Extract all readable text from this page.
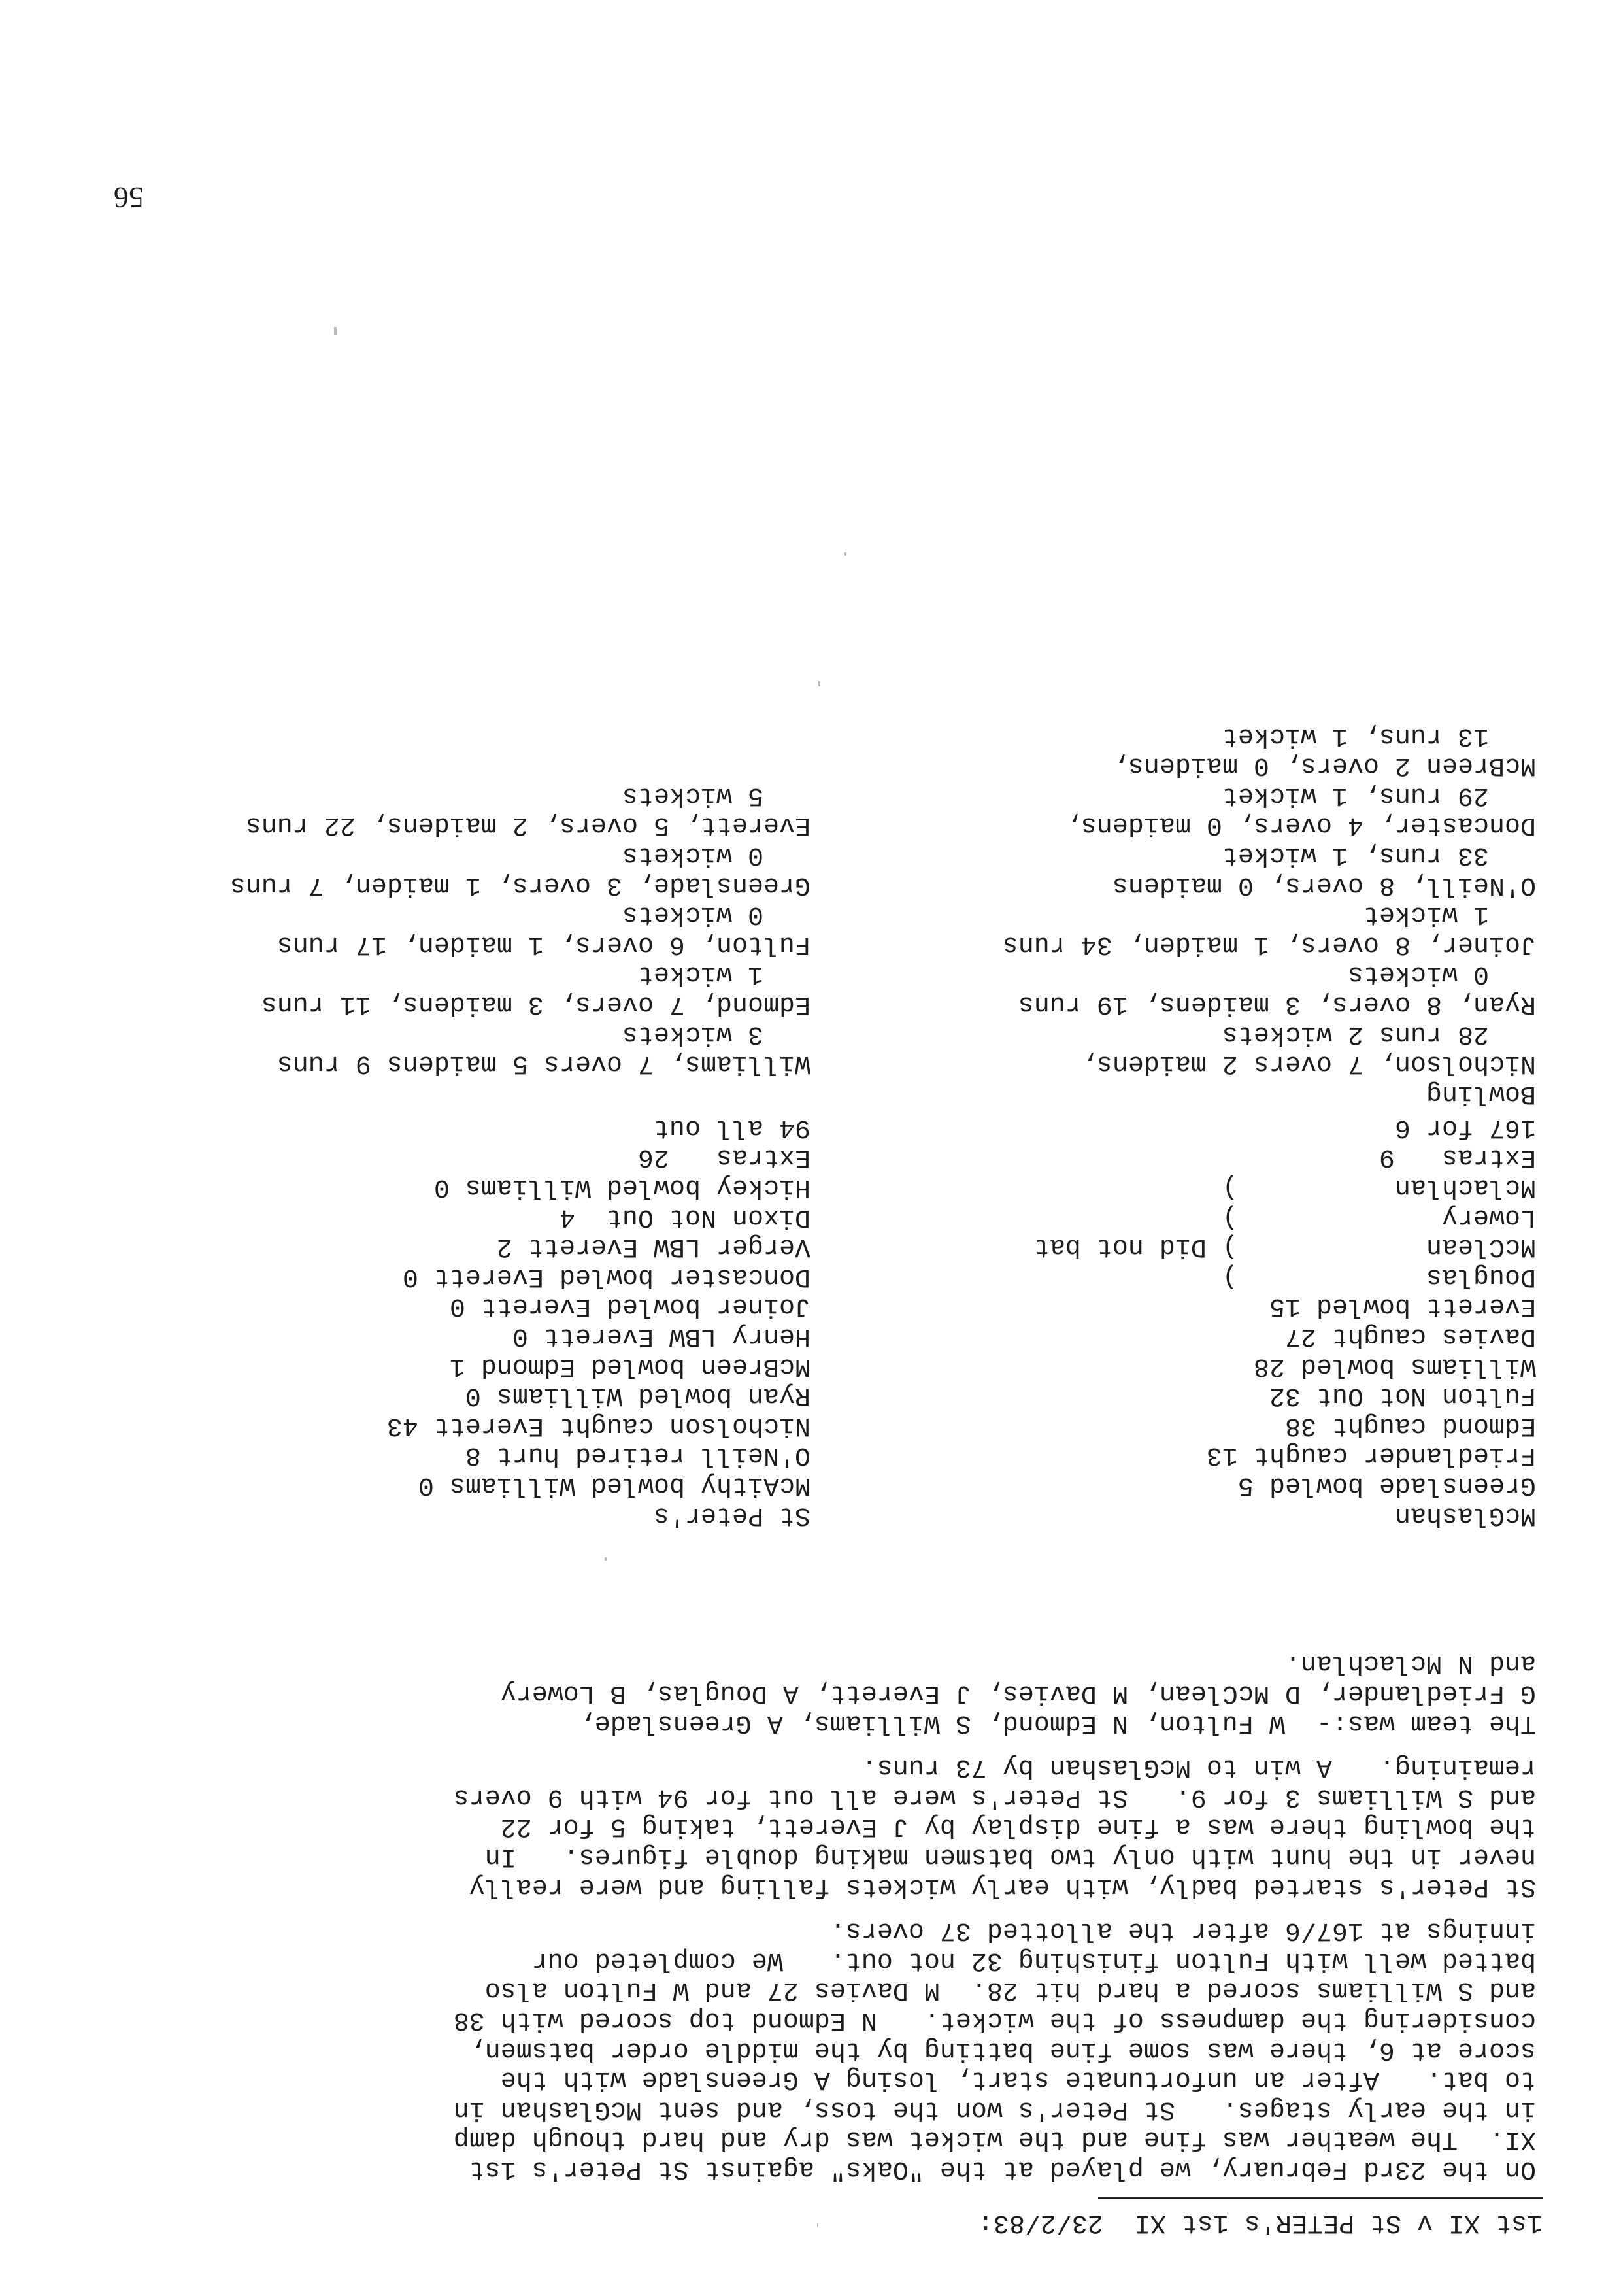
1st XI v St PETER's 1st XI  23/2/83:
On the 23rd February, we played at the "Oaks" against St Peter's 1st
XI.  The weather was fine and the wicket was dry and hard though damp
in the early stages.   St Peter's won the toss, and sent McGlashan in
to bat.   After an unfortunate start, losing A Greenslade with the
score at 6, there was some fine batting by the middle order batsmen,
considering the dampness of the wicket.   N Edmond top scored with 38
and S Williams scored a hard hit 28.  M Davies 27 and W Fulton also
batted well with Fulton finishing 32 not out.   We completed our
innings at 167/6 after the allotted 37 overs.
St Peter's started badly, with early wickets falling and were really
never in the hunt with only two batsmen making double figures.   In
the bowling there was a fine display by J Everett, taking 5 for 22
and S Williams 3 for 9.   St Peter's were all out for 94 with 9 overs
remaining.   A win to McGlashan by 73 runs.
The team was:-  W Fulton, N Edmond, S Williams, A Greenslade,
G Friedlander, D McClean, M Davies, J Everett, A Douglas, B Lowery
and N Mclachlan.
McGlashan
St Peter's
Greenslade bowled 5
McAithy bowled Williams 0
Friedlander caught 13
O'Neill retired hurt 8
Edmond caught 38
Nicholson caught Everett 43
Fulton Not Out 32
Ryan bowled Williams 0
Williams bowled 28
McBreen bowled Edmond 1
Davies caught 27
Henry LBW Everett 0
Everett bowled 15
Joiner bowled Everett 0
Douglas            )
Doncaster bowled Everett 0
McClean            ) Did not bat
Verger LBW Everett 2
Lowery             )
Dixon Not Out  4
Mclachlan          )
Hickey bowled Williams 0
Extras   9
Extras   26
167 for 6
94 all out
Bowling
Nicholson, 7 overs 2 maidens,
Williams, 7 overs 5 maidens 9 runs
28 runs 2 wickets
3 wickets
Ryan, 8 overs, 3 maidens, 19 runs
Edmond, 7 overs, 3 maidens, 11 runs
0 wickets
1 wicket
Joiner, 8 overs, 1 maiden, 34 runs
Fulton, 6 overs, 1 maiden, 17 runs
1 wicket
0 wickets
O'Neill, 8 overs, 0 maidens
Greenslade, 3 overs, 1 maiden, 7 runs
33 runs, 1 wicket
0 wickets
Doncaster, 4 overs, 0 maidens,
Everett, 5 overs, 2 maidens, 22 runs
29 runs, 1 wicket
5 wickets
McBreen 2 overs, 0 maidens,
13 runs, 1 wicket
56
